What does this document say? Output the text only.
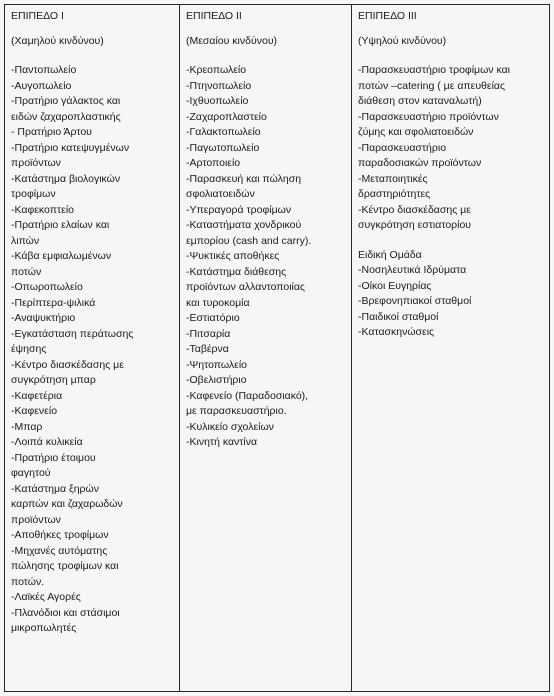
ΕΠΙΠΕΔΟ Ι
(Χαμηλού κινδύνου)
-Παντοπωλείο
-Αυγοπωλείο
-Πρατήριο γάλακτος και
ειδών ζαχαροπλαστικής
- Πρατήριο Άρτου
-Πρατήριο κατεψυγμένων
προϊόντων
-Κατάστημα βιολογικών
τροφίμων
-Καφεκοπτείο
-Πρατήριο ελαίων και
λιπών
-Κάβα εμφιαλωμένων
ποτών
-Οπωροπωλείο
-Περίπτερα-ψιλικά
-Αναψυκτήριο
-Εγκατάσταση περάτωσης
έψησης
-Κέντρο διασκέδασης με
συγκρότηση μπαρ
-Καφετέρια
-Καφενείο
-Μπαρ
-Λοιπά κυλικεία
-Πρατήριο έτοιμου
φαγητού
-Κατάστημα ξηρών
καρπών και ζαχαρωδών
προϊόντων
-Αποθήκες τροφίμων
-Μηχανές αυτόματης
πώλησης τροφίμων και
ποτών.
-Λαϊκές Αγορές
-Πλανόδιοι και στάσιμοι
μικροπωλητές
ΕΠΙΠΕΔΟ ΙΙ
(Μεσαίου κινδύνου)
-Κρεοπωλείο
-Πτηνοπωλείο
-Ιχθυοπωλείο
-Ζαχαροπλαστείο
-Γαλακτοπωλείο
-Παγωτοπωλείο
-Αρτοποιείο
-Παρασκευή και πώληση
σφολιατοειδών
-Υπεραγορά τροφίμων
-Καταστήματα χονδρικού
εμπορίου (cash and carry).
-Ψυκτικές αποθήκες
-Κατάστημα διάθεσης
προϊόντων αλλαντοποιίας
και τυροκομία
-Εστιατόριο
-Πιτσαρία
-Ταβέρνα
-Ψητοπωλείο
-Οβελιστήριο
-Καφενείο (Παραδοσιακό),
με παρασκευαστήριο.
-Κυλικείο σχολείων
-Κινητή καντίνα
ΕΠΙΠΕΔΟ ΙΙΙ
(Υψηλού κινδύνου)
-Παρασκευαστήριο τροφίμων και
ποτών –catering ( με απευθείας
διάθεση στον καταναλωτή)
-Παρασκευαστήριο προϊόντων
ζύμης και σφολιατοειδών
-Παρασκευαστήριο
παραδοσιακών προϊόντων
-Μεταποιητικές
δραστηριότητες
-Κέντρο διασκέδασης με
συγκρότηση εστιατορίου
Ειδική Ομάδα
-Νοσηλευτικά Ιδρύματα
-Οίκοι Ευγηρίας
-Βρεφονηπιακοί σταθμοί
-Παιδικοί σταθμοί
-Κατασκηνώσεις
